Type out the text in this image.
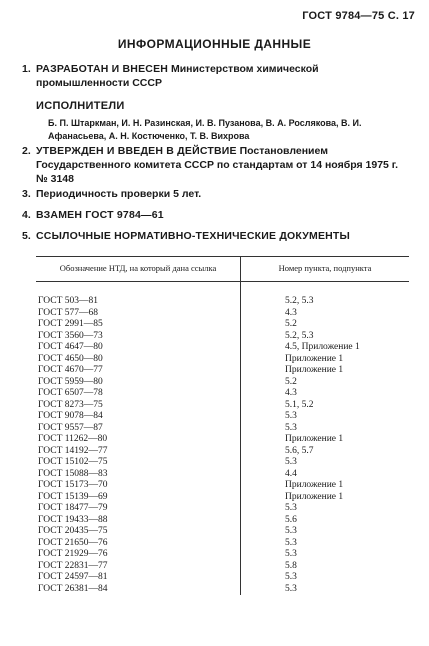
ГОСТ 9784—75 С. 17
ИНФОРМАЦИОННЫЕ ДАННЫЕ
1. РАЗРАБОТАН И ВНЕСЕН Министерством химической промышленности СССР
ИСПОЛНИТЕЛИ
Б. П. Штаркман, И. Н. Разинская, И. В. Пузанова, В. А. Рослякова, В. И. Афанасьева, А. Н. Костюченко, Т. В. Вихрова
2. УТВЕРЖДЕН И ВВЕДЕН В ДЕЙСТВИЕ Постановлением Государственного комитета СССР по стандартам от 14 ноября 1975 г. № 3148
3. Периодичность проверки 5 лет.
4. ВЗАМЕН ГОСТ 9784—61
5. ССЫЛОЧНЫЕ НОРМАТИВНО-ТЕХНИЧЕСКИЕ ДОКУМЕНТЫ
Обозначение НТД, на который дана ссылка	Номер пункта, подпункта
ГОСТ 503—81	5.2, 5.3
ГОСТ 577—68	4.3
ГОСТ 2991—85	5.2
ГОСТ 3560—73	5.2, 5.3
ГОСТ 4647—80	4.5, Приложение 1
ГОСТ 4650—80	Приложение 1
ГОСТ 4670—77	Приложение 1
ГОСТ 5959—80	5.2
ГОСТ 6507—78	4.3
ГОСТ 8273—75	5.1, 5.2
ГОСТ 9078—84	5.3
ГОСТ 9557—87	5.3
ГОСТ 11262—80	Приложение 1
ГОСТ 14192—77	5.6, 5.7
ГОСТ 15102—75	5.3
ГОСТ 15088—83	4.4
ГОСТ 15173—70	Приложение 1
ГОСТ 15139—69	Приложение 1
ГОСТ 18477—79	5.3
ГОСТ 19433—88	5.6
ГОСТ 20435—75	5.3
ГОСТ 21650—76	5.3
ГОСТ 21929—76	5.3
ГОСТ 22831—77	5.8
ГОСТ 24597—81	5.3
ГОСТ 26381—84	5.3
